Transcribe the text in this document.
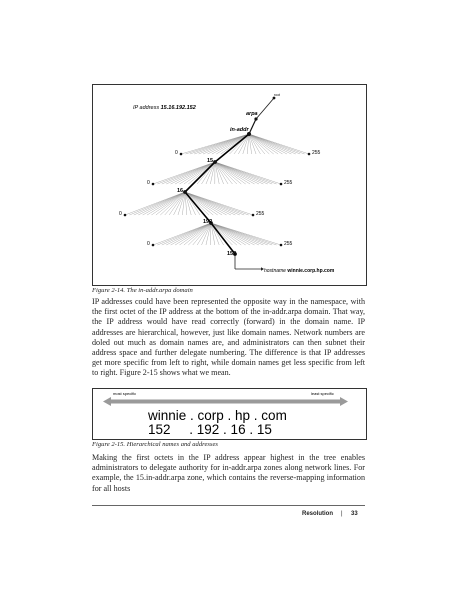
IP address 15.16.192.152
root
arpa
in-addr
0	255
15
0	255
16
0	255
192
0	255
152
hostname winnie.corp.hp.com
Figure 2-14. The in-addr.arpa domain
IP addresses could have been represented the opposite way in the namespace, with the first octet of the IP address at the bottom of the in-addr.arpa domain. That way, the IP address would have read correctly (forward) in the domain name. IP addresses are hierarchical, however, just like domain names. Network numbers are doled out much as domain names are, and administrators can then subnet their address space and further delegate numbering. The difference is that IP addresses get more specific from left to right, while domain names get less specific from left to right. Figure 2-15 shows what we mean.
most specific	least specific
winnie . corp . hp . com
152     . 192 . 16 . 15
Figure 2-15. Hierarchical names and addresses
Making the first octets in the IP address appear highest in the tree enables administrators to delegate authority for in-addr.arpa zones along network lines. For example, the 15.in-addr.arpa zone, which contains the reverse-mapping information for all hosts
Resolution | 33
